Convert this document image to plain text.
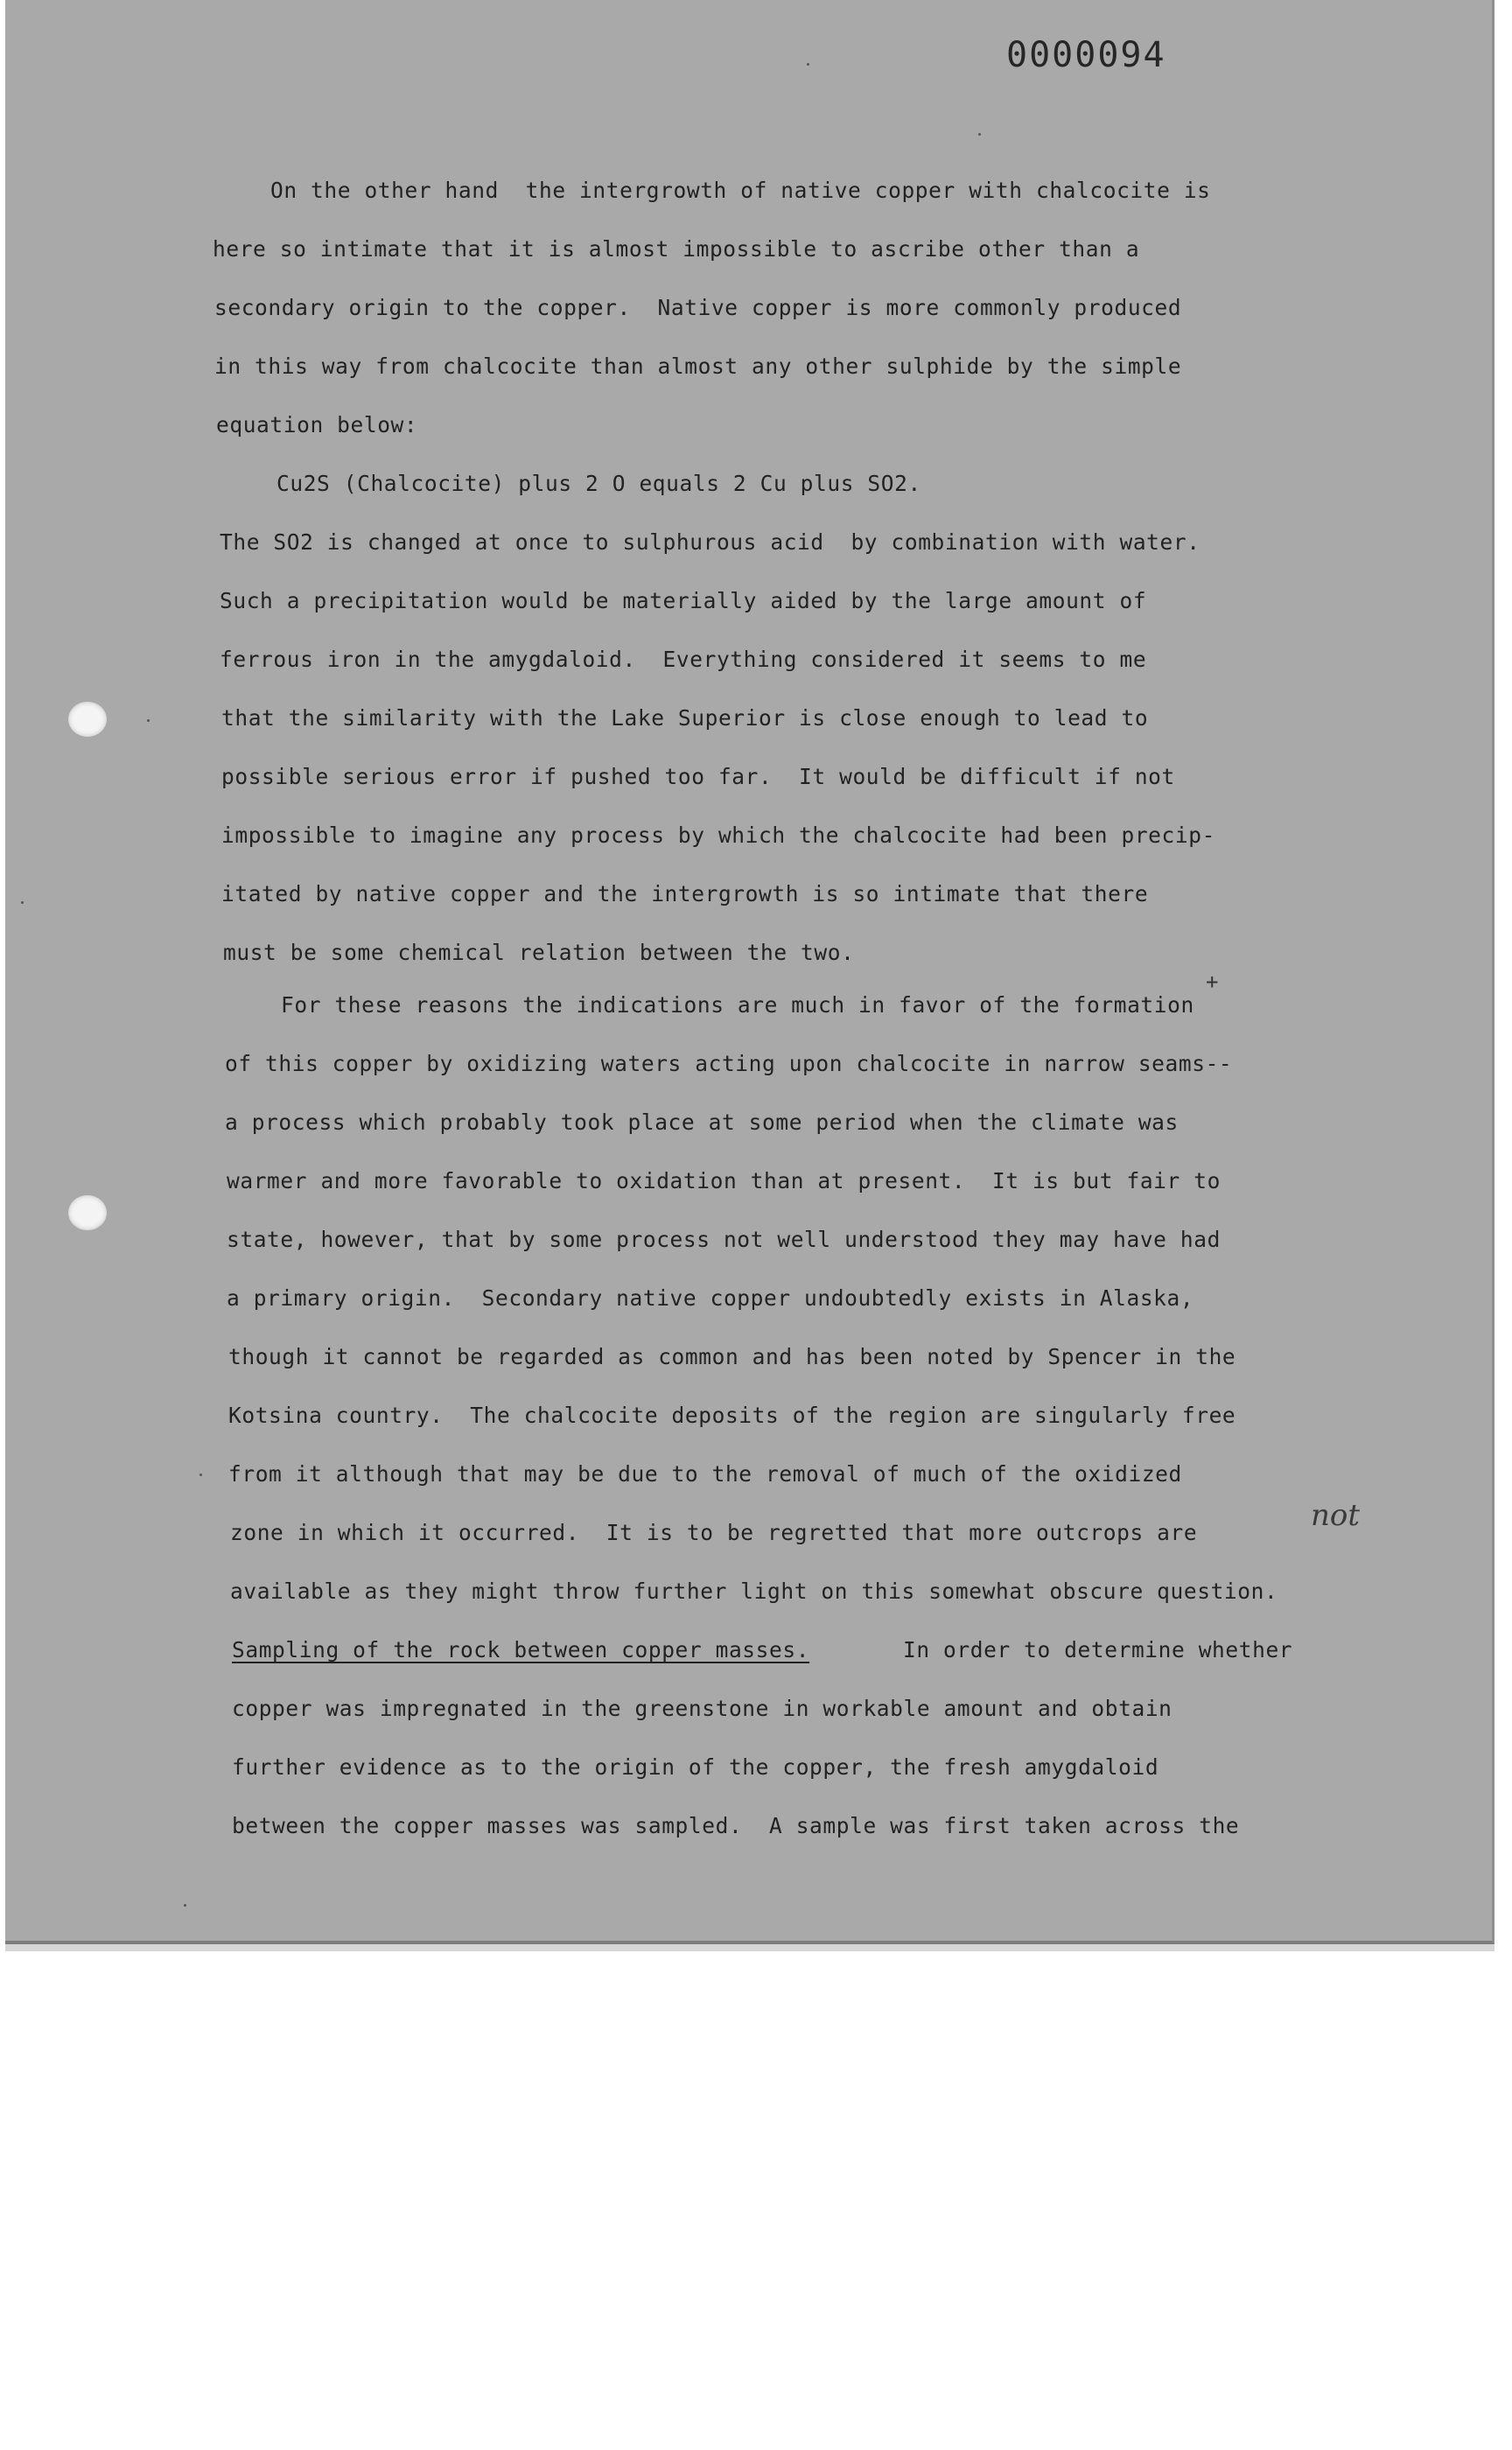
0000094
On the other hand  the intergrowth of native copper with chalcocite is
here so intimate that it is almost impossible to ascribe other than a
secondary origin to the copper.  Native copper is more commonly produced
in this way from chalcocite than almost any other sulphide by the simple
equation below:
Cu2S (Chalcocite) plus 2 O equals 2 Cu plus SO2.
The SO2 is changed at once to sulphurous acid  by combination with water.
Such a precipitation would be materially aided by the large amount of
ferrous iron in the amygdaloid.  Everything considered it seems to me
that the similarity with the Lake Superior is close enough to lead to
possible serious error if pushed too far.  It would be difficult if not
impossible to imagine any process by which the chalcocite had been precip-
itated by native copper and the intergrowth is so intimate that there
must be some chemical relation between the two.
+
For these reasons the indications are much in favor of the formation
of this copper by oxidizing waters acting upon chalcocite in narrow seams--
a process which probably took place at some period when the climate was
warmer and more favorable to oxidation than at present.  It is but fair to
state, however, that by some process not well understood they may have had
a primary origin.  Secondary native copper undoubtedly exists in Alaska,
though it cannot be regarded as common and has been noted by Spencer in the
Kotsina country.  The chalcocite deposits of the region are singularly free
from it although that may be due to the removal of much of the oxidized
zone in which it occurred.  It is to be regretted that more outcrops are	not
available as they might throw further light on this somewhat obscure question.
Sampling of the rock between copper masses.	In order to determine whether
copper was impregnated in the greenstone in workable amount and obtain
further evidence as to the origin of the copper, the fresh amygdaloid
between the copper masses was sampled.  A sample was first taken across the
